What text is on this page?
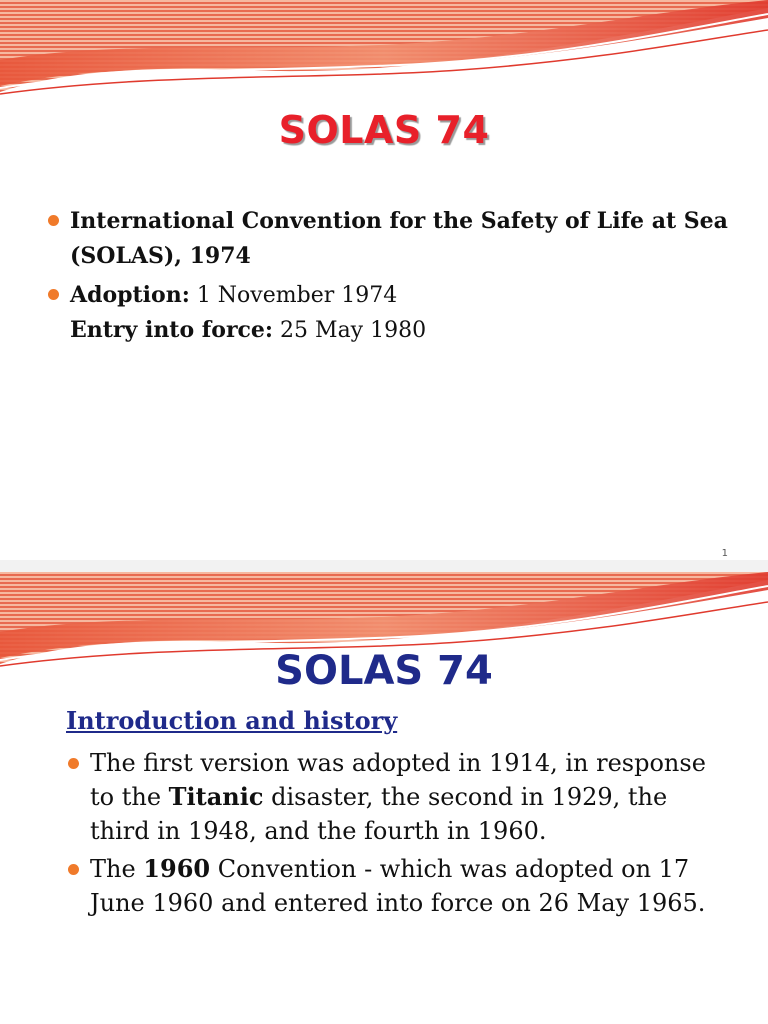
SOLAS 74
International Convention for the Safety of Life at Sea (SOLAS), 1974
Adoption: 1 November 1974
Entry into force: 25 May 1980
1
SOLAS 74
Introduction and history
The first version was adopted in 1914, in response to the Titanic disaster, the second in 1929, the third in 1948, and the fourth in 1960.
The 1960 Convention - which was adopted on 17 June 1960 and entered into force on 26 May 1965.
